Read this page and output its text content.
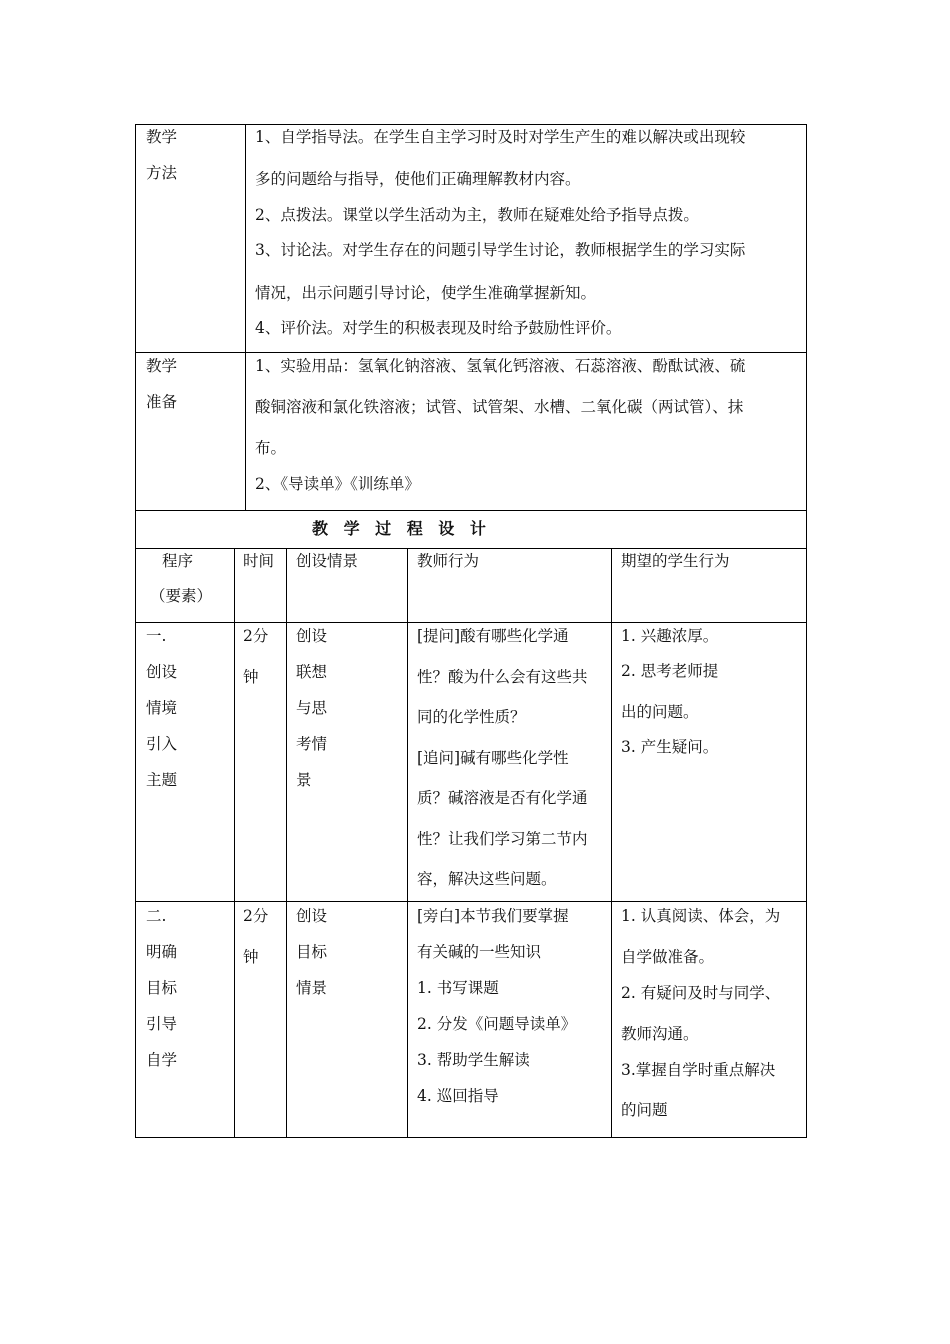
教学
方法
1、自学指导法。在学生自主学习时及时对学生产生的难以解决或出现较
多的问题给与指导，使他们正确理解教材内容。
2、点拨法。课堂以学生活动为主，教师在疑难处给予指导点拨。
3、讨论法。对学生存在的问题引导学生讨论，教师根据学生的学习实际
情况，出示问题引导讨论，使学生准确掌握新知。
4、评价法。对学生的积极表现及时给予鼓励性评价。
教学
准备
1、实验用品：氢氧化钠溶液、氢氧化钙溶液、石蕊溶液、酚酞试液、硫
酸铜溶液和氯化铁溶液；试管、试管架、水槽、二氧化碳（两试管）、抹
布。
2、《导读单》《训练单》
教 学 过 程 设 计
程序
（要素）
时间 创设情景	教师行为	期望的学生行为
一.
创设
情境
引入
主题
2分
钟
创设
联想
与思
考情
景
[提问]酸有哪些化学通
性？酸为什么会有这些共
同的化学性质？
[追问]碱有哪些化学性
质？碱溶液是否有化学通
性？让我们学习第二节内
容，解决这些问题。
1. 兴趣浓厚。
2. 思考老师提
出的问题。
3. 产生疑问。
二.
明确
目标
引导
自学
2分
钟
创设
目标
情景
[旁白]本节我们要掌握
有关碱的一些知识
1. 书写课题
2. 分发《问题导读单》
3. 帮助学生解读
4. 巡回指导
1. 认真阅读、体会，为
自学做准备。
2. 有疑问及时与同学、
教师沟通。
3.掌握自学时重点解决
的问题
